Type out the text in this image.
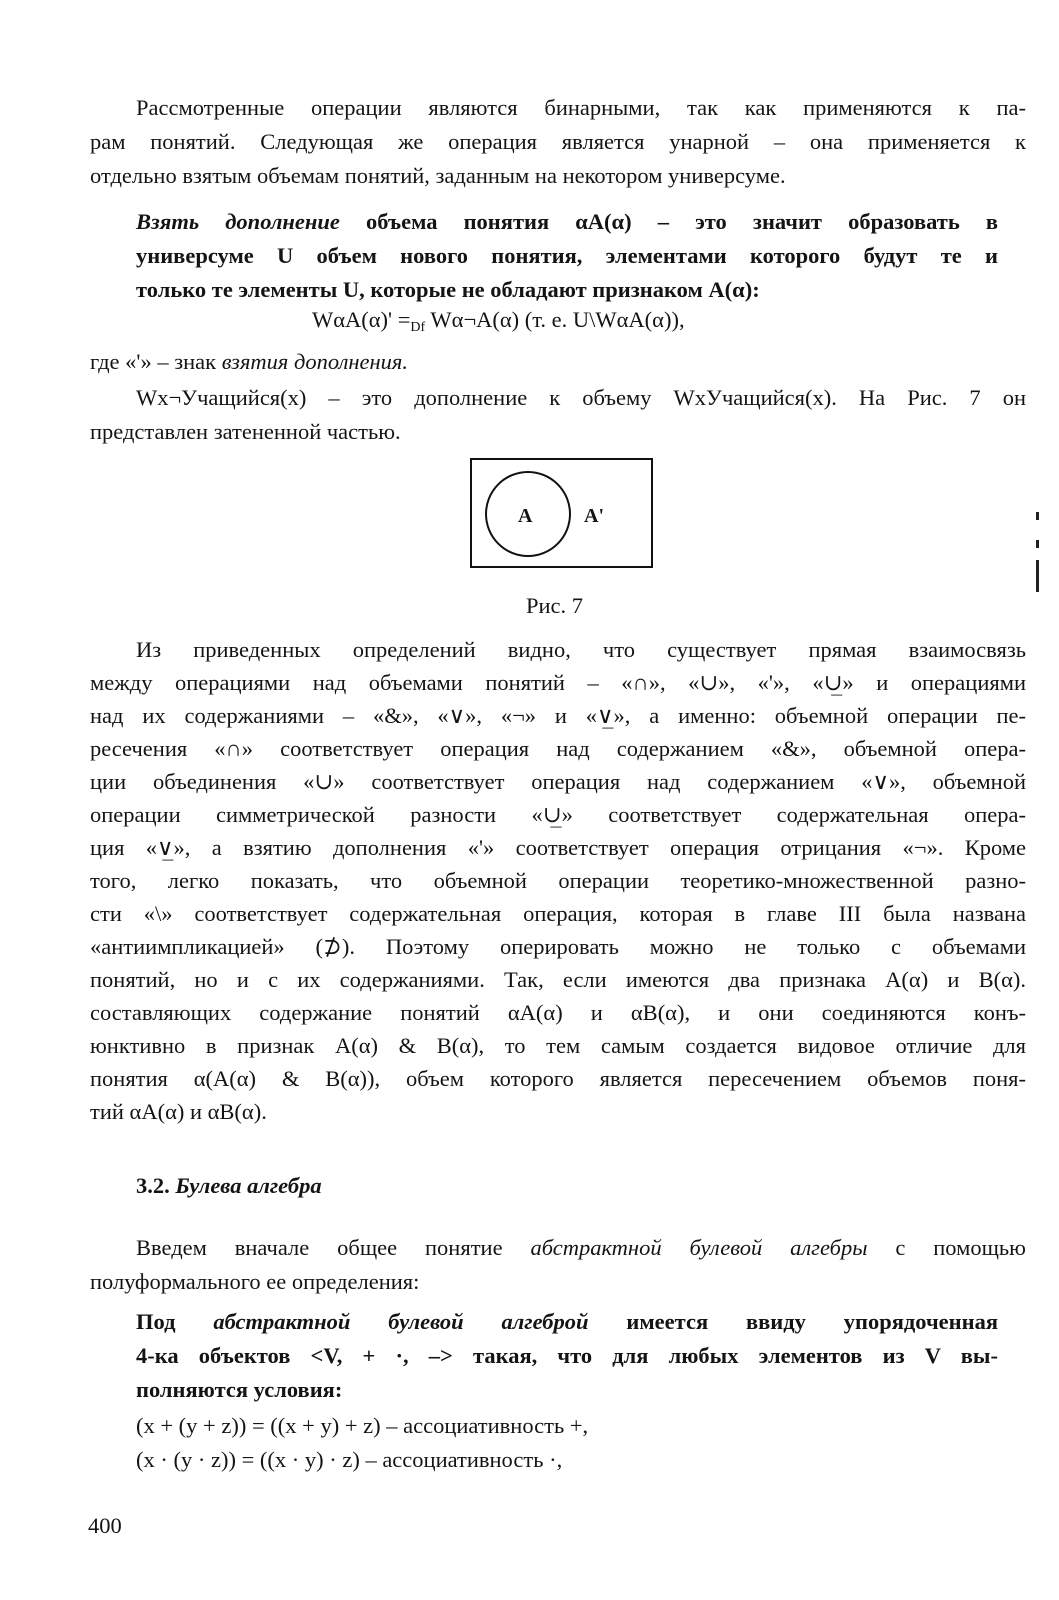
Рассмотренные операции являются бинарными, так как применяются к па-
рам понятий. Следующая же операция является унарной – она применяется к
отдельно взятым объемам понятий, заданным на некотором универсуме.
Взять дополнение объема понятия αA(α) – это значит образовать в
универсуме U объем нового понятия, элементами которого будут те и
только те элементы U, которые не обладают признаком A(α):
$W\alpha A(\alpha)' =_{Df}$ Wα¬A(α) (т. е. U\WαA(α)),
где «'» – знак взятия дополнения.
Wx¬Учащийся(x) – это дополнение к объему WxУчащийся(x). На Рис. 7 он
представлен затененной частью.
A	A'
Рис. 7
Из приведенных определений видно, что существует прямая взаимосвязь
между операциями над объемами понятий – «∩», «∪», «'», «∪̲» и операциями
над их содержаниями – «&», «∨», «¬» и «∨̲», а именно: объемной операции пе-
ресечения «∩» соответствует операция над содержанием «&», объемной опера-
ции объединения «∪» соответствует операция над содержанием «∨», объемной
операции симметрической разности «∪̲» соответствует содержательная опера-
ция «∨̲», а взятию дополнения «'» соответствует операция отрицания «¬». Кроме
того, легко показать, что объемной операции теоретико-множественной разно-
сти «\» соответствует содержательная операция, которая в главе III была названа
«антиимпликацией» (⊅). Поэтому оперировать можно не только с объемами
понятий, но и с их содержаниями. Так, если имеются два признака A(α) и B(α).
составляющих содержание понятий αA(α) и αB(α), и они соединяются конъ-
юнктивно в признак A(α) & B(α), то тем самым создается видовое отличие для
понятия α(A(α) & B(α)), объем которого является пересечением объемов поня-
тий αA(α) и αB(α).
3.2. Булева алгебра
Введем вначале общее понятие абстрактной булевой алгебры с помощью
полуформального ее определения:
Под абстрактной булевой алгеброй имеется ввиду упорядоченная
4-ка объектов <V, + ·, –> такая, что для любых элементов из V вы-
полняются условия:
(x + (y + z)) = ((x + y) + z) – ассоциативность +,
(x · (y · z)) = ((x · y) · z) – ассоциативность ·,
400
